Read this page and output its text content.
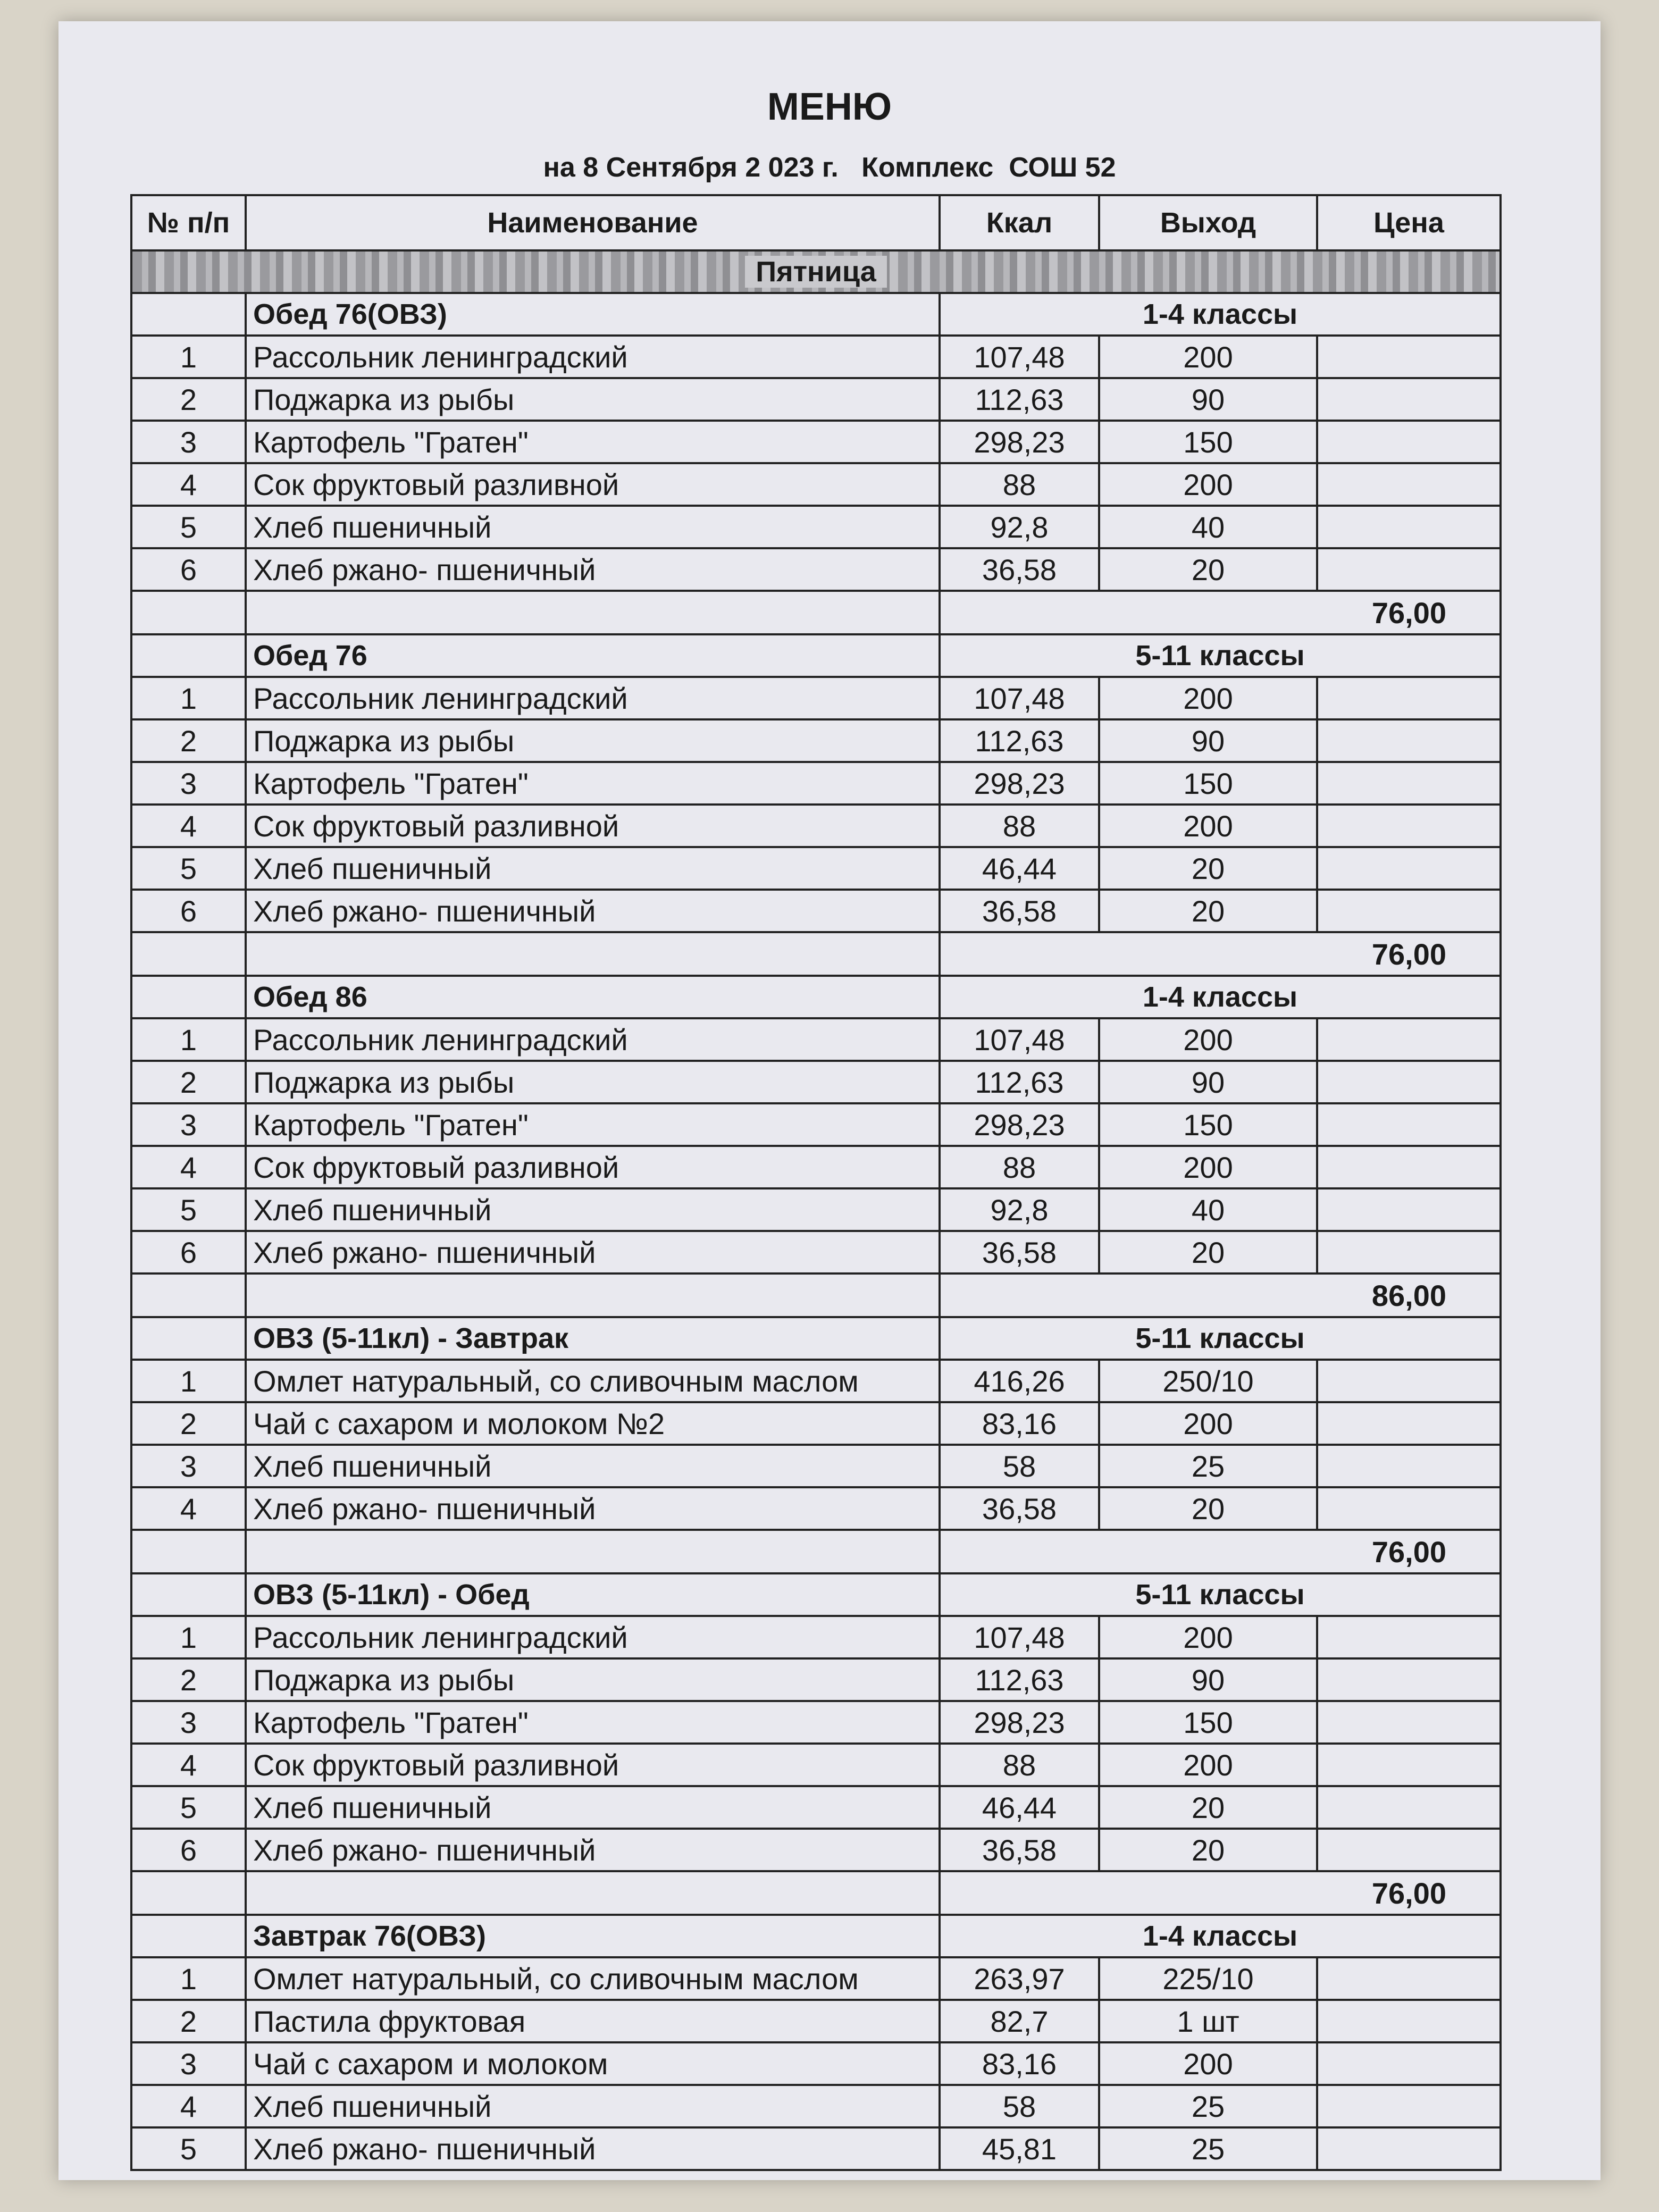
МЕНЮ
на 8 Сентября 2 023 г.   Комплекс  СОШ 52
№ п/п	Наименование	Ккал	Выход	Цена
Пятница				
	Обед 76(ОВЗ)	1-4 классы		
1	Рассольник ленинградский	107,48	200	
2	Поджарка из рыбы	112,63	90	
3	Картофель "Гратен"	298,23	150	
4	Сок фруктовый разливной	88	200	
5	Хлеб пшеничный	92,8	40	
6	Хлеб ржано- пшеничный	36,58	20	
		76,00		
	Обед 76	5-11 классы		
1	Рассольник ленинградский	107,48	200	
2	Поджарка из рыбы	112,63	90	
3	Картофель "Гратен"	298,23	150	
4	Сок фруктовый разливной	88	200	
5	Хлеб пшеничный	46,44	20	
6	Хлеб ржано- пшеничный	36,58	20	
		76,00		
	Обед 86	1-4 классы		
1	Рассольник ленинградский	107,48	200	
2	Поджарка из рыбы	112,63	90	
3	Картофель "Гратен"	298,23	150	
4	Сок фруктовый разливной	88	200	
5	Хлеб пшеничный	92,8	40	
6	Хлеб ржано- пшеничный	36,58	20	
		86,00		
	ОВЗ (5-11кл) - Завтрак	5-11 классы		
1	Омлет натуральный, со сливочным маслом	416,26	250/10	
2	Чай с сахаром и молоком №2	83,16	200	
3	Хлеб пшеничный	58	25	
4	Хлеб ржано- пшеничный	36,58	20	
		76,00		
	ОВЗ (5-11кл) - Обед	5-11 классы		
1	Рассольник ленинградский	107,48	200	
2	Поджарка из рыбы	112,63	90	
3	Картофель "Гратен"	298,23	150	
4	Сок фруктовый разливной	88	200	
5	Хлеб пшеничный	46,44	20	
6	Хлеб ржано- пшеничный	36,58	20	
		76,00		
	Завтрак 76(ОВЗ)	1-4 классы		
1	Омлет натуральный, со сливочным маслом	263,97	225/10	
2	Пастила фруктовая	82,7	1 шт	
3	Чай с сахаром и молоком	83,16	200	
4	Хлеб пшеничный	58	25	
5	Хлеб ржано- пшеничный	45,81	25	
